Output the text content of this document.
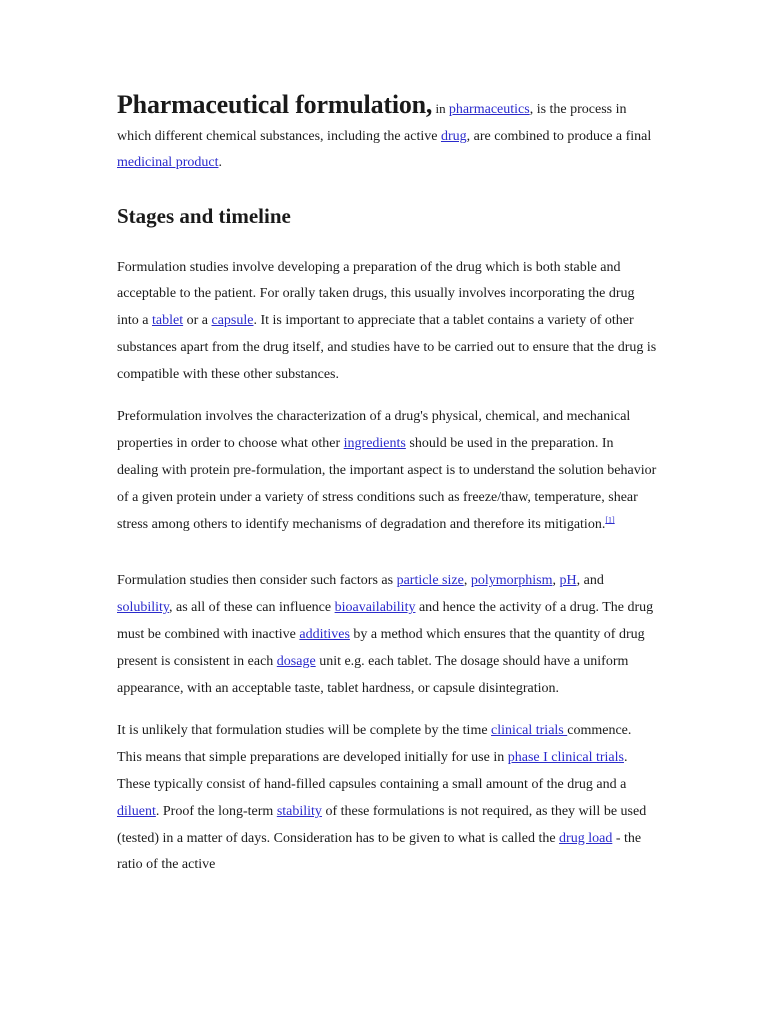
Pharmaceutical formulation, in pharmaceutics, is the process in which different chemical substances, including the active drug, are combined to produce a final medicinal product.

Stages and timeline

Formulation studies involve developing a preparation of the drug which is both stable and acceptable to the patient. For orally taken drugs, this usually involves incorporating the drug into a tablet or a capsule. It is important to appreciate that a tablet contains a variety of other substances apart from the drug itself, and studies have to be carried out to ensure that the drug is compatible with these other substances.

Preformulation involves the characterization of a drug's physical, chemical, and mechanical properties in order to choose what other ingredients should be used in the preparation. In dealing with protein pre-formulation, the important aspect is to understand the solution behavior of a given protein under a variety of stress conditions such as freeze/thaw, temperature, shear stress among others to identify mechanisms of degradation and therefore its mitigation.[1]

Formulation studies then consider such factors as particle size, polymorphism, pH, and solubility, as all of these can influence bioavailability and hence the activity of a drug. The drug must be combined with inactive additives by a method which ensures that the quantity of drug present is consistent in each dosage unit e.g. each tablet. The dosage should have a uniform appearance, with an acceptable taste, tablet hardness, or capsule disintegration.

It is unlikely that formulation studies will be complete by the time clinical trials commence. This means that simple preparations are developed initially for use in phase I clinical trials. These typically consist of hand-filled capsules containing a small amount of the drug and a diluent. Proof the long-term stability of these formulations is not required, as they will be used (tested) in a matter of days. Consideration has to be given to what is called the drug load - the ratio of the active
